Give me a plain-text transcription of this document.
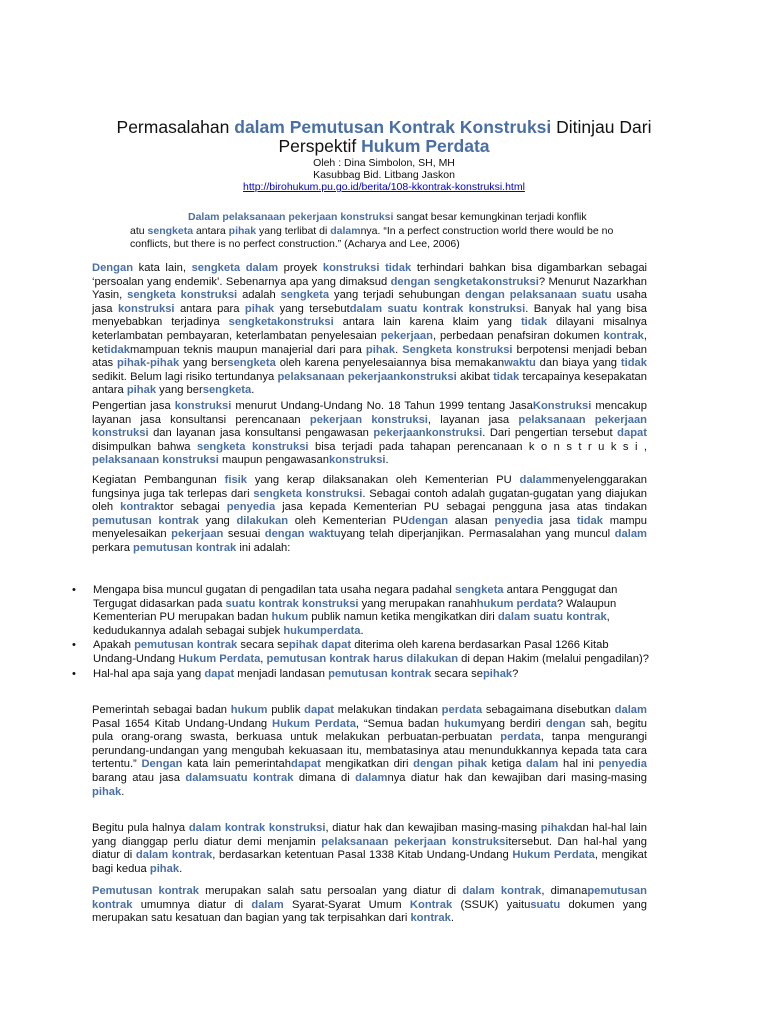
Permasalahan dalam Pemutusan Kontrak Konstruksi Ditinjau Dari
Perspektif Hukum Perdata
Oleh : Dina Simbolon, SH, MH
Kasubbag Bid. Litbang Jaskon
http://birohukum.pu.go.id/berita/108-kkontrak-konstruksi.html
Dalam pelaksanaan pekerjaan konstruksi sangat besar kemungkinan terjadi konflik
atu sengketa antara pihak yang terlibat di dalamnya. “In a perfect construction world there would be no conflicts, but there is no perfect construction.” (Acharya and Lee, 2006)
Dengan kata lain, sengketa dalam proyek konstruksi tidak terhindari bahkan bisa digambarkan sebagai ‘persoalan yang endemik’. Sebenarnya apa yang dimaksud dengan sengketakonstruksi? Menurut Nazarkhan Yasin, sengketa konstruksi adalah sengketa yang terjadi sehubungan dengan pelaksanaan suatu usaha jasa konstruksi antara para pihak yang tersebutdalam suatu kontrak konstruksi. Banyak hal yang bisa menyebabkan terjadinya sengketakonstruksi antara lain karena klaim yang tidak dilayani misalnya keterlambatan pembayaran, keterlambatan penyelesaian pekerjaan, perbedaan penafsiran dokumen kontrak, ketidakmampuan teknis maupun manajerial dari para pihak. Sengketa konstruksi berpotensi menjadi beban atas pihak-pihak yang bersengketa oleh karena penyelesaiannya bisa memakanwaktu dan biaya yang tidak sedikit. Belum lagi risiko tertundanya pelaksanaan pekerjaankonstruksi akibat tidak tercapainya kesepakatan antara pihak yang bersengketa.
Pengertian jasa konstruksi menurut Undang-Undang No. 18 Tahun 1999 tentang JasaKonstruksi mencakup layanan jasa konsultansi perencanaan pekerjaan konstruksi, layanan jasa pelaksanaan pekerjaan konstruksi dan layanan jasa konsultansi pengawasan pekerjaankonstruksi. Dari pengertian tersebut dapat disimpulkan bahwa sengketa konstruksi bisa terjadi pada tahapan perencanaan k o n s t r u k s i , pelaksanaan konstruksi maupun pengawasankonstruksi.
Kegiatan Pembangunan fisik yang kerap dilaksanakan oleh Kementerian PU dalammenyelenggarakan fungsinya juga tak terlepas dari sengketa konstruksi. Sebagai contoh adalah gugatan-gugatan yang diajukan oleh kontraktor sebagai penyedia jasa kepada Kementerian PU sebagai pengguna jasa atas tindakan pemutusan kontrak yang dilakukan oleh Kementerian PUdengan alasan penyedia jasa tidak mampu menyelesaikan pekerjaan sesuai dengan waktuyang telah diperjanjikan. Permasalahan yang muncul dalam perkara pemutusan kontrak ini adalah:
• Mengapa bisa muncul gugatan di pengadilan tata usaha negara padahal sengketa antara Penggugat dan Tergugat didasarkan pada suatu kontrak konstruksi yang merupakan ranahhukum perdata? Walaupun Kementerian PU merupakan badan hukum publik namun ketika mengikatkan diri dalam suatu kontrak, kedudukannya adalah sebagai subjek hukumperdata.
• Apakah pemutusan kontrak secara sepihak dapat diterima oleh karena berdasarkan Pasal 1266 Kitab Undang-Undang Hukum Perdata, pemutusan kontrak harus dilakukan di depan Hakim (melalui pengadilan)?
• Hal-hal apa saja yang dapat menjadi landasan pemutusan kontrak secara sepihak?
Pemerintah sebagai badan hukum publik dapat melakukan tindakan perdata sebagaimana disebutkan dalam Pasal 1654 Kitab Undang-Undang Hukum Perdata, “Semua badan hukumyang berdiri dengan sah, begitu pula orang-orang swasta, berkuasa untuk melakukan perbuatan-perbuatan perdata, tanpa mengurangi perundang-undangan yang mengubah kekuasaan itu, membatasinya atau menundukkannya kepada tata cara tertentu.” Dengan kata lain pemerintahdapat mengikatkan diri dengan pihak ketiga dalam hal ini penyedia barang atau jasa dalamsuatu kontrak dimana di dalamnya diatur hak dan kewajiban dari masing-masing pihak.
Begitu pula halnya dalam kontrak konstruksi, diatur hak dan kewajiban masing-masing pihakdan hal-hal lain yang dianggap perlu diatur demi menjamin pelaksanaan pekerjaan konstruksitersebut. Dan hal-hal yang diatur di dalam kontrak, berdasarkan ketentuan Pasal 1338 Kitab Undang-Undang Hukum Perdata, mengikat bagi kedua pihak.
Pemutusan kontrak merupakan salah satu persoalan yang diatur di dalam kontrak, dimanapemutusan kontrak umumnya diatur di dalam Syarat-Syarat Umum Kontrak (SSUK) yaitusuatu dokumen yang merupakan satu kesatuan dan bagian yang tak terpisahkan dari kontrak.
